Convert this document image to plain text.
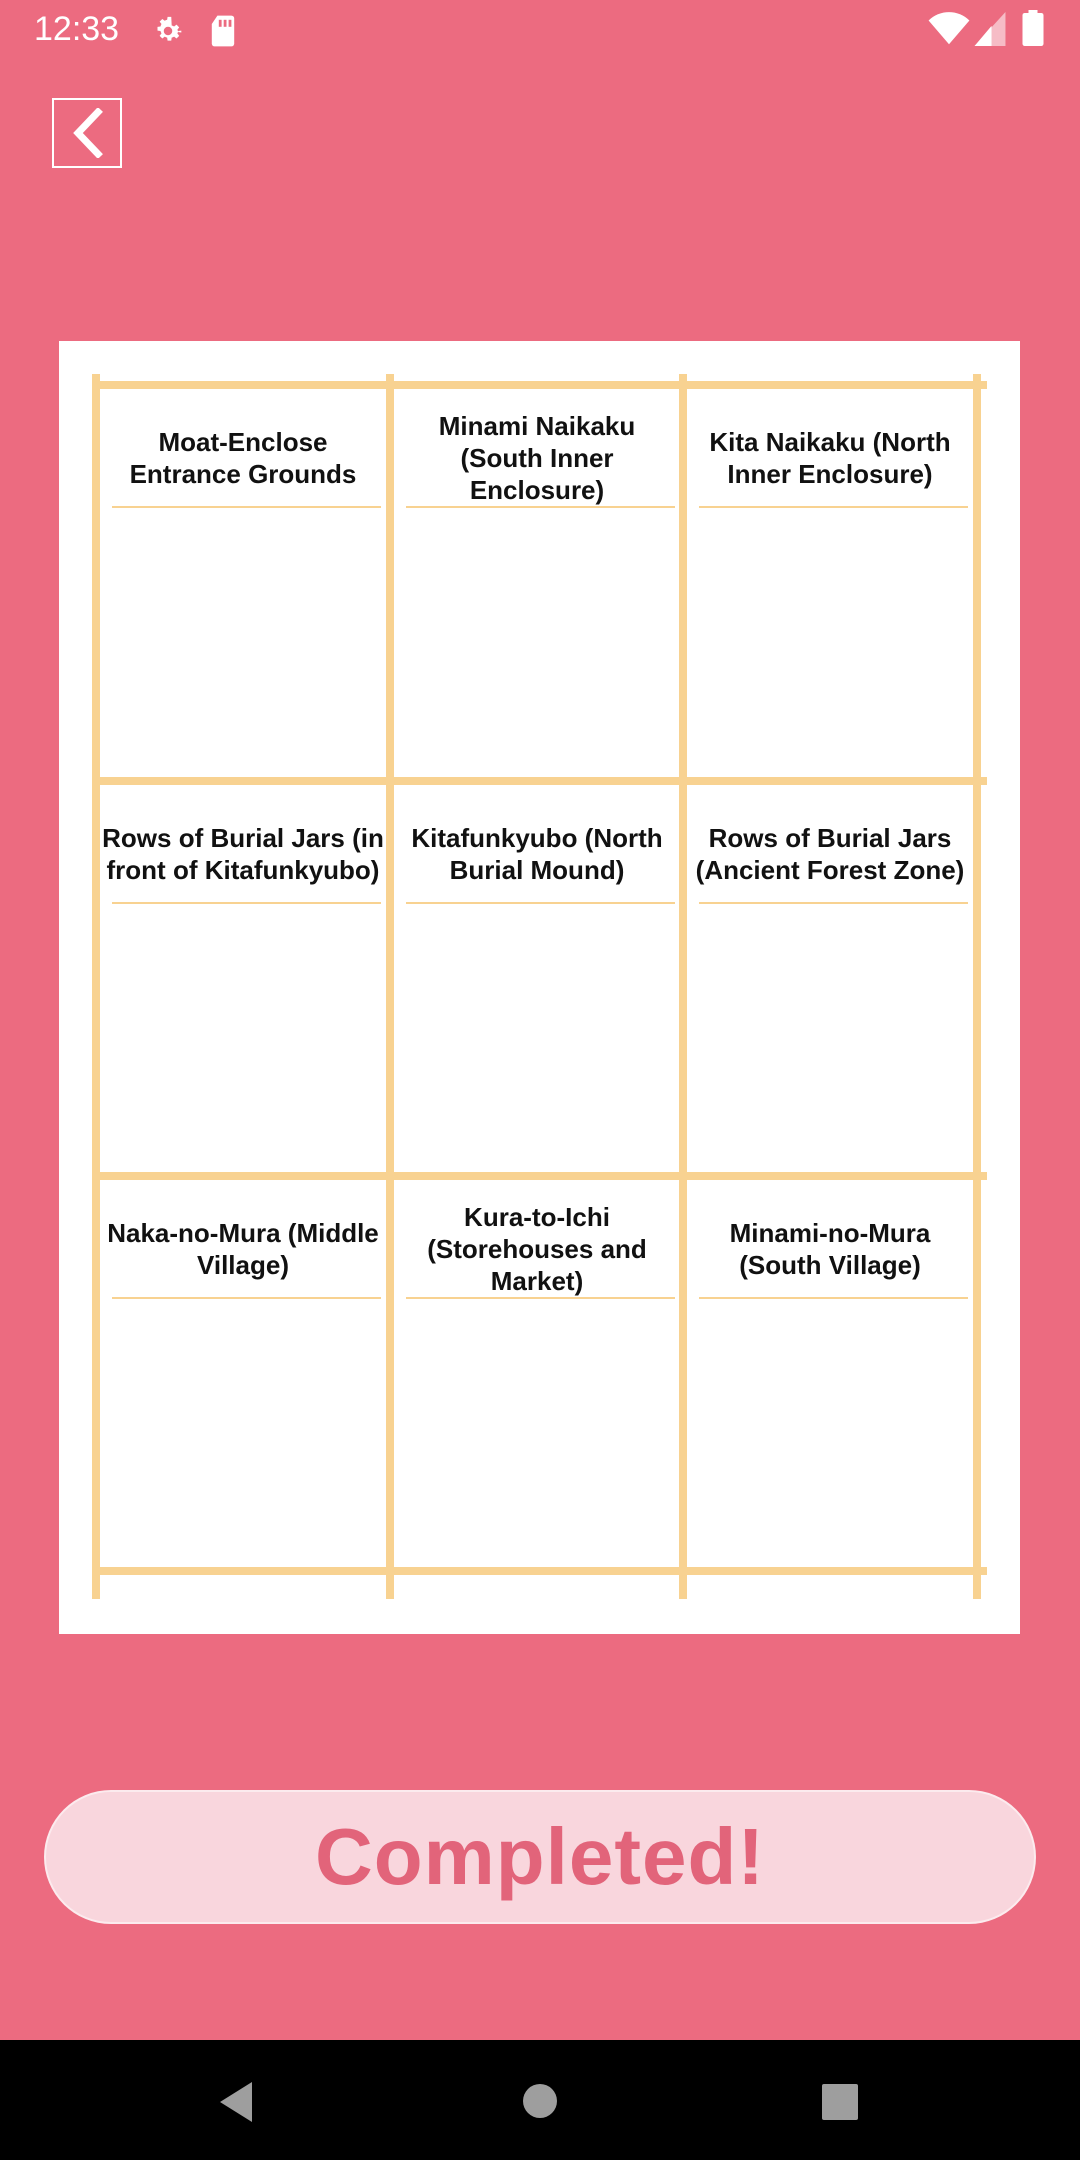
12:33
Moat-Enclose Entrance Grounds
Minami Naikaku (South Inner Enclosure)
Kita Naikaku (North Inner Enclosure)
Rows of Burial Jars (in front of Kitafunkyubo)
Kitafunkyubo (North Burial Mound)
Rows of Burial Jars (Ancient Forest Zone)
Naka-no-Mura (Middle Village)
Kura-to-Ichi (Storehouses and Market)
Minami-no-Mura (South Village)
Completed!
